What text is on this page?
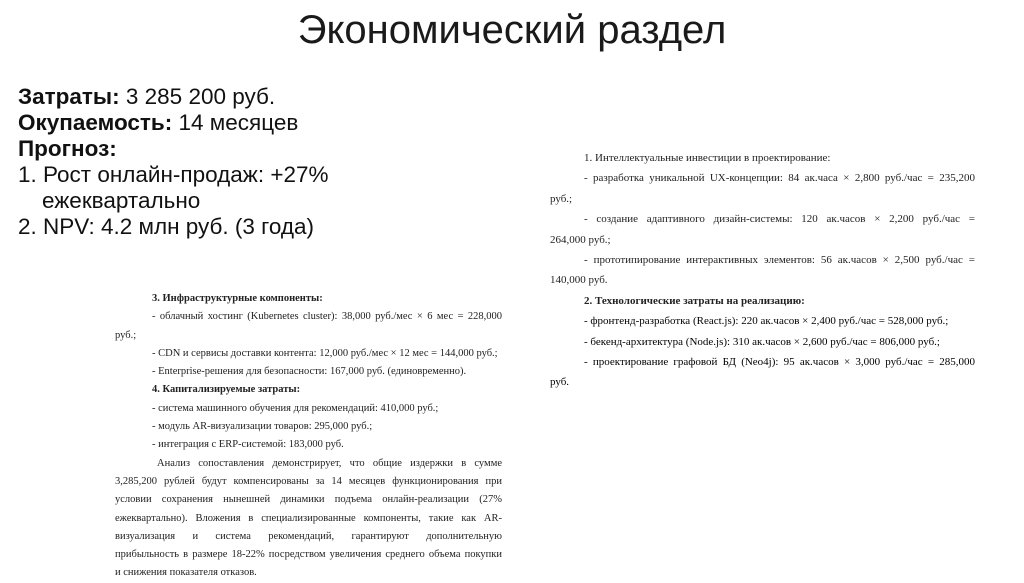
Экономический раздел
Затраты: 3 285 200 руб.
Окупаемость: 14 месяцев
Прогноз:
1. Рост онлайн-продаж: +27%
ежеквартально
2. NPV: 4.2 млн руб. (3 года)
3. Инфраструктурные компоненты:
- облачный хостинг (Kubernetes cluster): 38,000 руб./мес × 6 мес = 228,000
руб.;
- CDN и сервисы доставки контента: 12,000 руб./мес × 12 мес = 144,000 руб.;
- Enterprise-решения для безопасности: 167,000 руб. (единовременно).
4. Капитализируемые затраты:
- система машинного обучения для рекомендаций: 410,000 руб.;
- модуль AR-визуализации товаров: 295,000 руб.;
- интеграция с ERP-системой: 183,000 руб.
Анализ сопоставления демонстрирует, что общие издержки в сумме
3,285,200 рублей будут компенсированы за 14 месяцев функционирования при
условии сохранения нынешней динамики подъема онлайн-реализации (27%
ежеквартально). Вложения в специализированные компоненты, такие как AR-
визуализация и система рекомендаций, гарантируют дополнительную
прибыльность в размере 18-22% посредством увеличения среднего объема покупки
и снижения показателя отказов.
1. Интеллектуальные инвестиции в проектирование:
- разработка уникальной UX-концепции: 84 ак.часа × 2,800 руб./час = 235,200
руб.;
- создание адаптивного дизайн-системы: 120 ак.часов × 2,200 руб./час =
264,000 руб.;
- прототипирование интерактивных элементов: 56 ак.часов × 2,500 руб./час =
140,000 руб.
2. Технологические затраты на реализацию:
- фронтенд-разработка (React.js): 220 ак.часов × 2,400 руб./час = 528,000 руб.;
- бекенд-архитектура (Node.js): 310 ак.часов × 2,600 руб./час = 806,000 руб.;
- проектирование графовой БД (Neo4j): 95 ак.часов × 3,000 руб./час = 285,000
руб.
